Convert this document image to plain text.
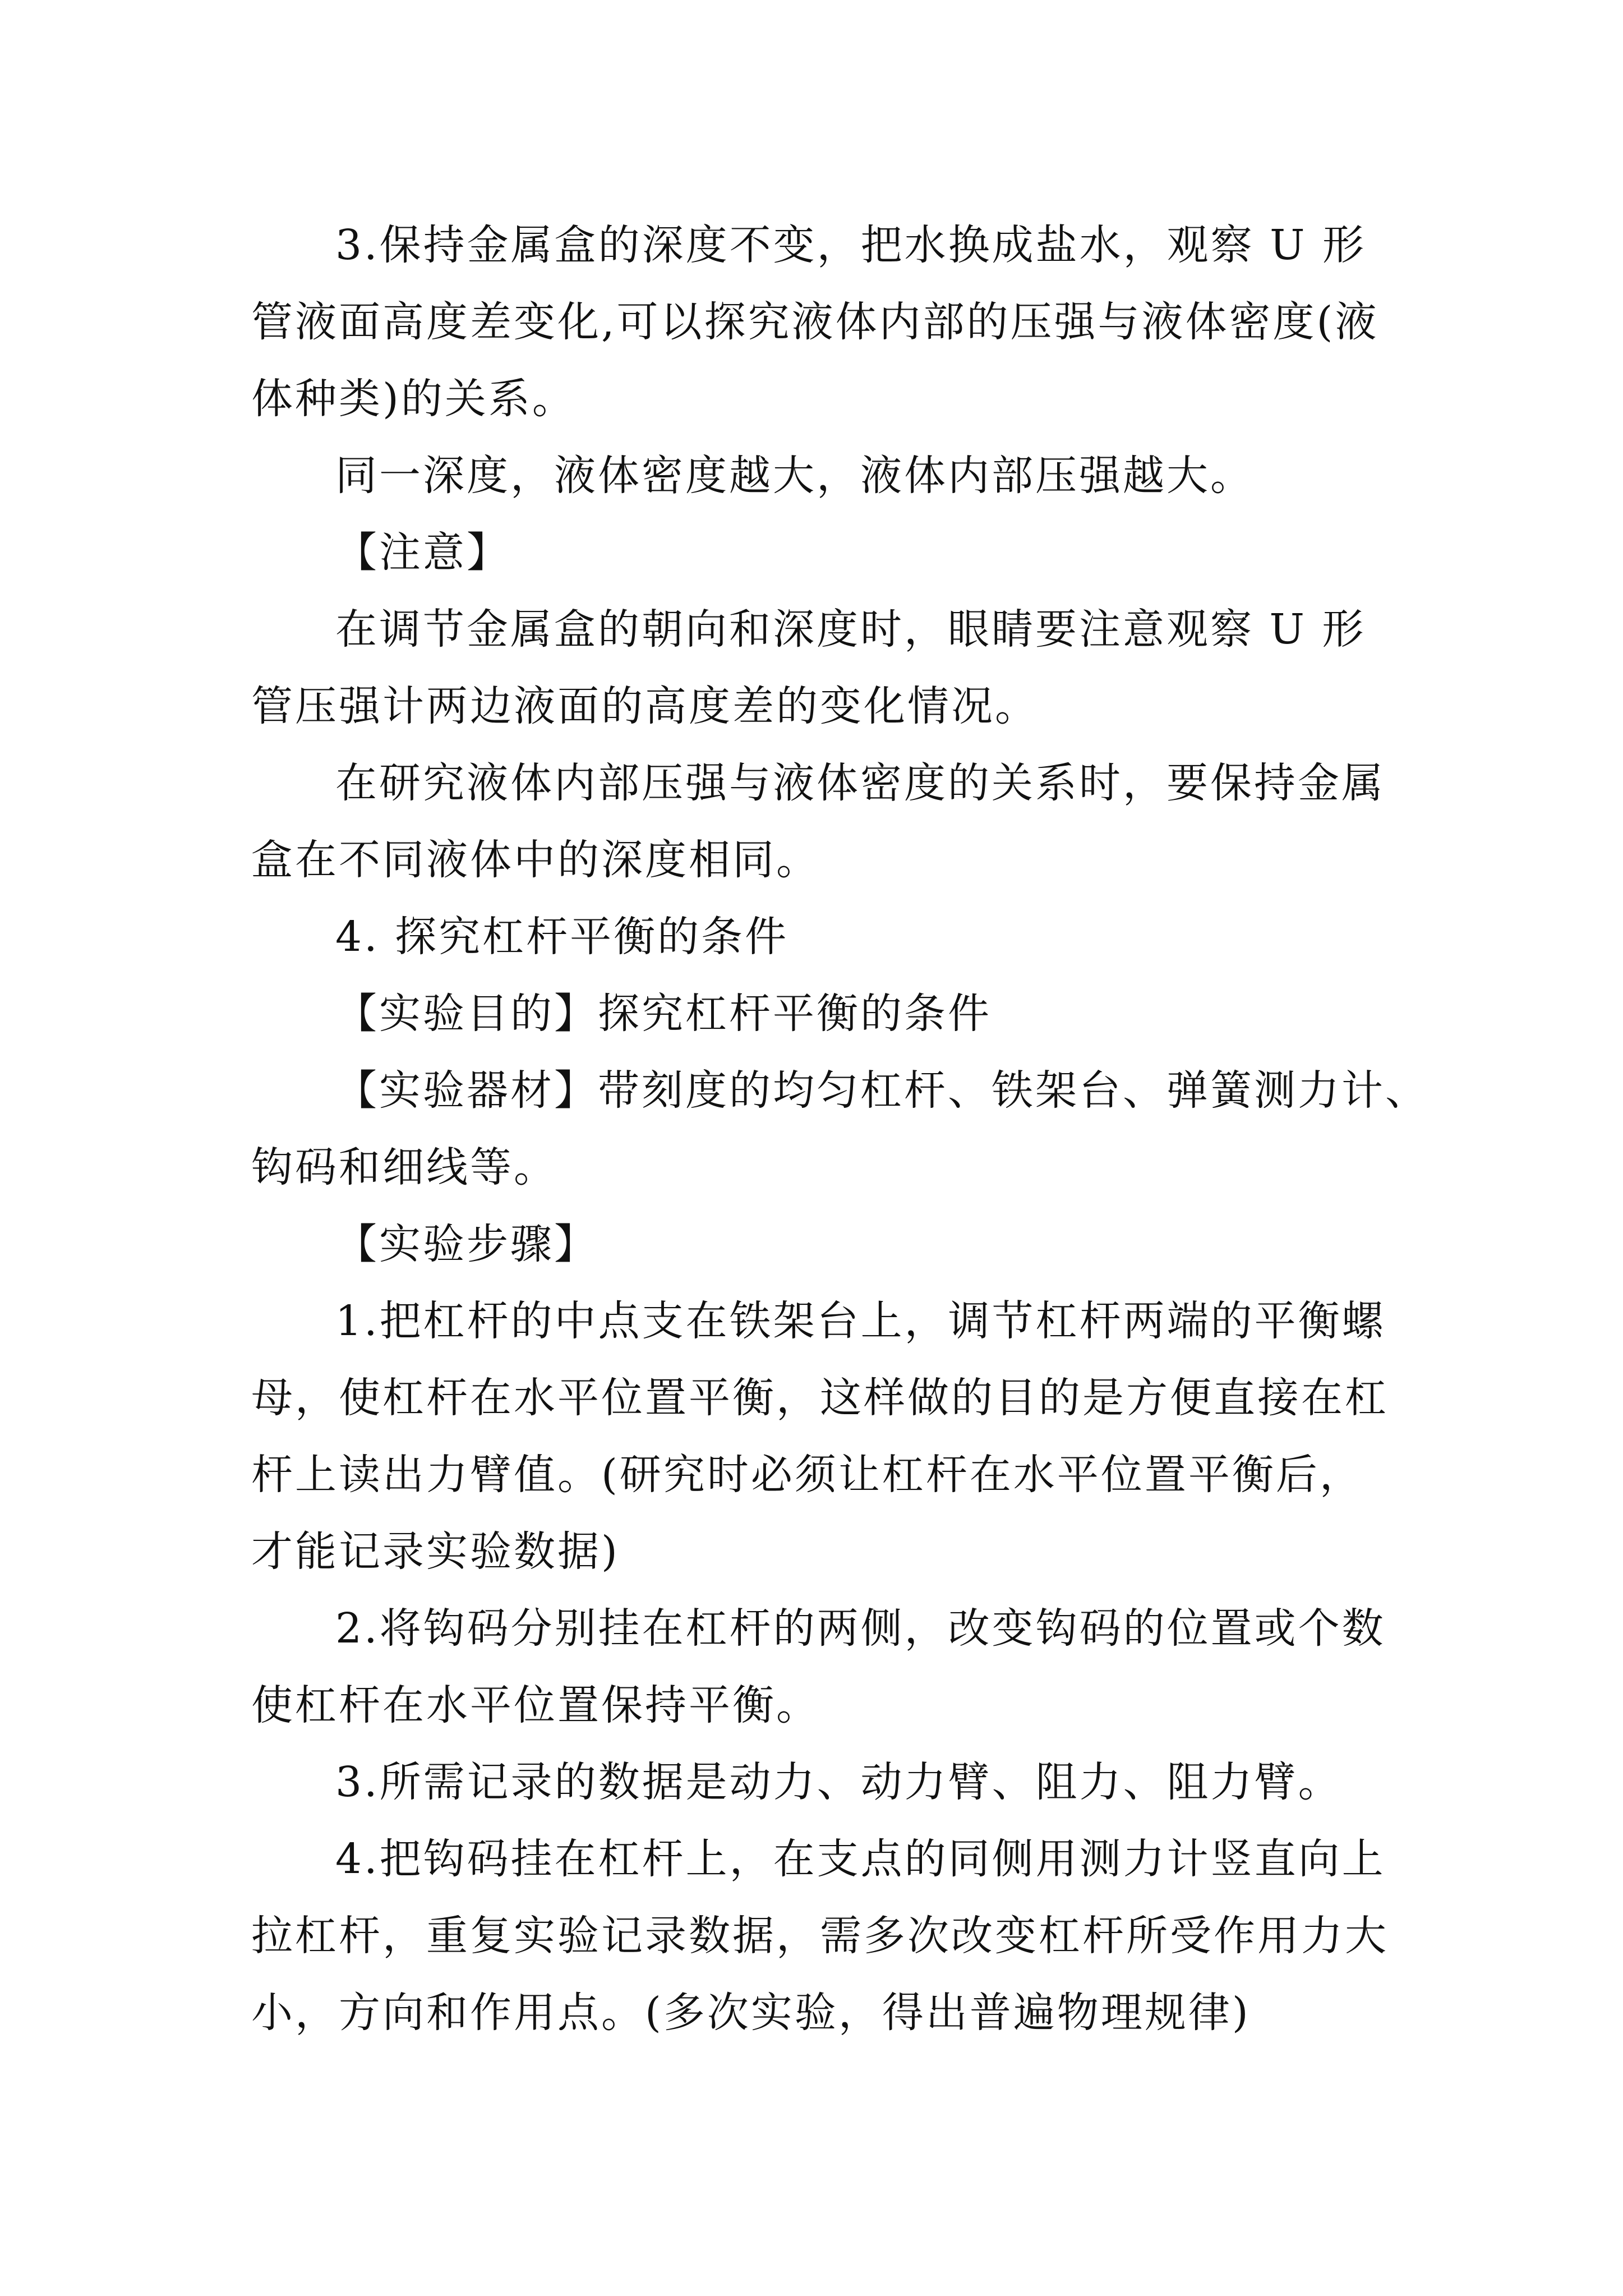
3.保持金属盒的深度不变，把水换成盐水，观察 U 形
管液面高度差变化,可以探究液体内部的压强与液体密度(液
体种类)的关系。
同一深度，液体密度越大，液体内部压强越大。
【注意】
在调节金属盒的朝向和深度时，眼睛要注意观察 U 形
管压强计两边液面的高度差的变化情况。
在研究液体内部压强与液体密度的关系时，要保持金属
盒在不同液体中的深度相同。
4. 探究杠杆平衡的条件
【实验目的】探究杠杆平衡的条件
【实验器材】带刻度的均匀杠杆、铁架台、弹簧测力计、
钩码和细线等。
【实验步骤】
1.把杠杆的中点支在铁架台上，调节杠杆两端的平衡螺
母，使杠杆在水平位置平衡，这样做的目的是方便直接在杠
杆上读出力臂值。(研究时必须让杠杆在水平位置平衡后，
才能记录实验数据)
2.将钩码分别挂在杠杆的两侧，改变钩码的位置或个数
使杠杆在水平位置保持平衡。
3.所需记录的数据是动力、动力臂、阻力、阻力臂。
4.把钩码挂在杠杆上，在支点的同侧用测力计竖直向上
拉杠杆，重复实验记录数据，需多次改变杠杆所受作用力大
小，方向和作用点。(多次实验，得出普遍物理规律)
